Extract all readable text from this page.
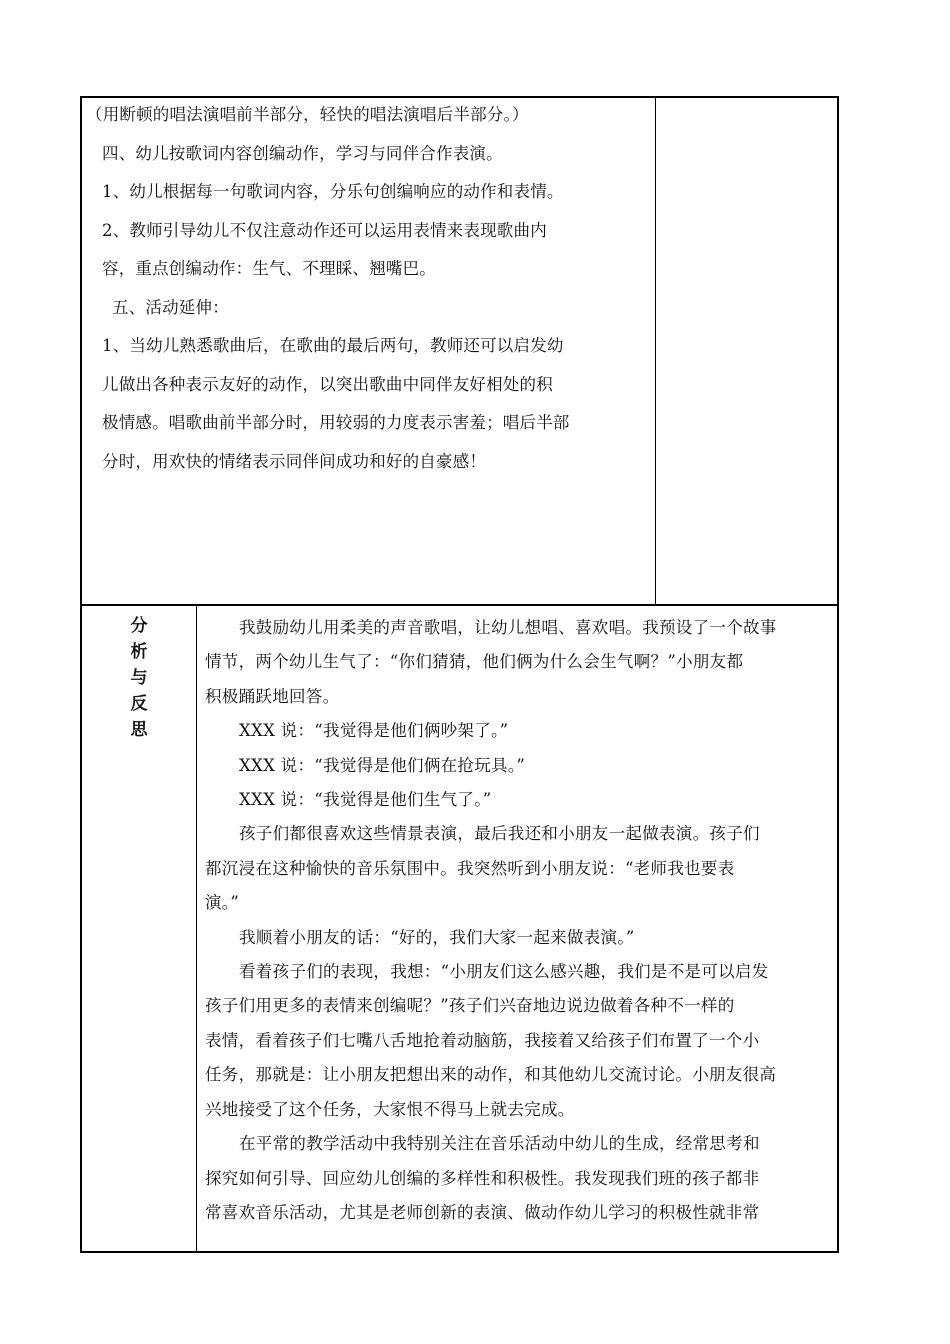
（用断顿的唱法演唱前半部分，轻快的唱法演唱后半部分。）

四、幼儿按歌词内容创编动作，学习与同伴合作表演。

1、幼儿根据每一句歌词内容，分乐句创编响应的动作和表情。

2、教师引导幼儿不仅注意动作还可以运用表情来表现歌曲内

容，重点创编动作：生气、不理睬、翘嘴巴。

五、活动延伸：

1、当幼儿熟悉歌曲后，在歌曲的最后两句，教师还可以启发幼

儿做出各种表示友好的动作，以突出歌曲中同伴友好相处的积

极情感。唱歌曲前半部分时，用较弱的力度表示害羞；唱后半部

分时，用欢快的情绪表示同伴间成功和好的自豪感！

分
析
与
反
思

我鼓励幼儿用柔美的声音歌唱，让幼儿想唱、喜欢唱。我预设了一个故事

情节，两个幼儿生气了：“你们猜猜，他们俩为什么会生气啊？”小朋友都

积极踊跃地回答。

XXX 说：“我觉得是他们俩吵架了。”

XXX 说：“我觉得是他们俩在抢玩具。”

XXX 说：“我觉得是他们生气了。”

孩子们都很喜欢这些情景表演，最后我还和小朋友一起做表演。孩子们

都沉浸在这种愉快的音乐氛围中。我突然听到小朋友说：“老师我也要表

演。”

我顺着小朋友的话：“好的，我们大家一起来做表演。”

看着孩子们的表现，我想：“小朋友们这么感兴趣，我们是不是可以启发

孩子们用更多的表情来创编呢？”孩子们兴奋地边说边做着各种不一样的

表情，看着孩子们七嘴八舌地抢着动脑筋，我接着又给孩子们布置了一个小

任务，那就是：让小朋友把想出来的动作，和其他幼儿交流讨论。小朋友很高

兴地接受了这个任务，大家恨不得马上就去完成。

在平常的教学活动中我特别关注在音乐活动中幼儿的生成，经常思考和

探究如何引导、回应幼儿创编的多样性和积极性。我发现我们班的孩子都非

常喜欢音乐活动，尤其是老师创新的表演、做动作幼儿学习的积极性就非常
